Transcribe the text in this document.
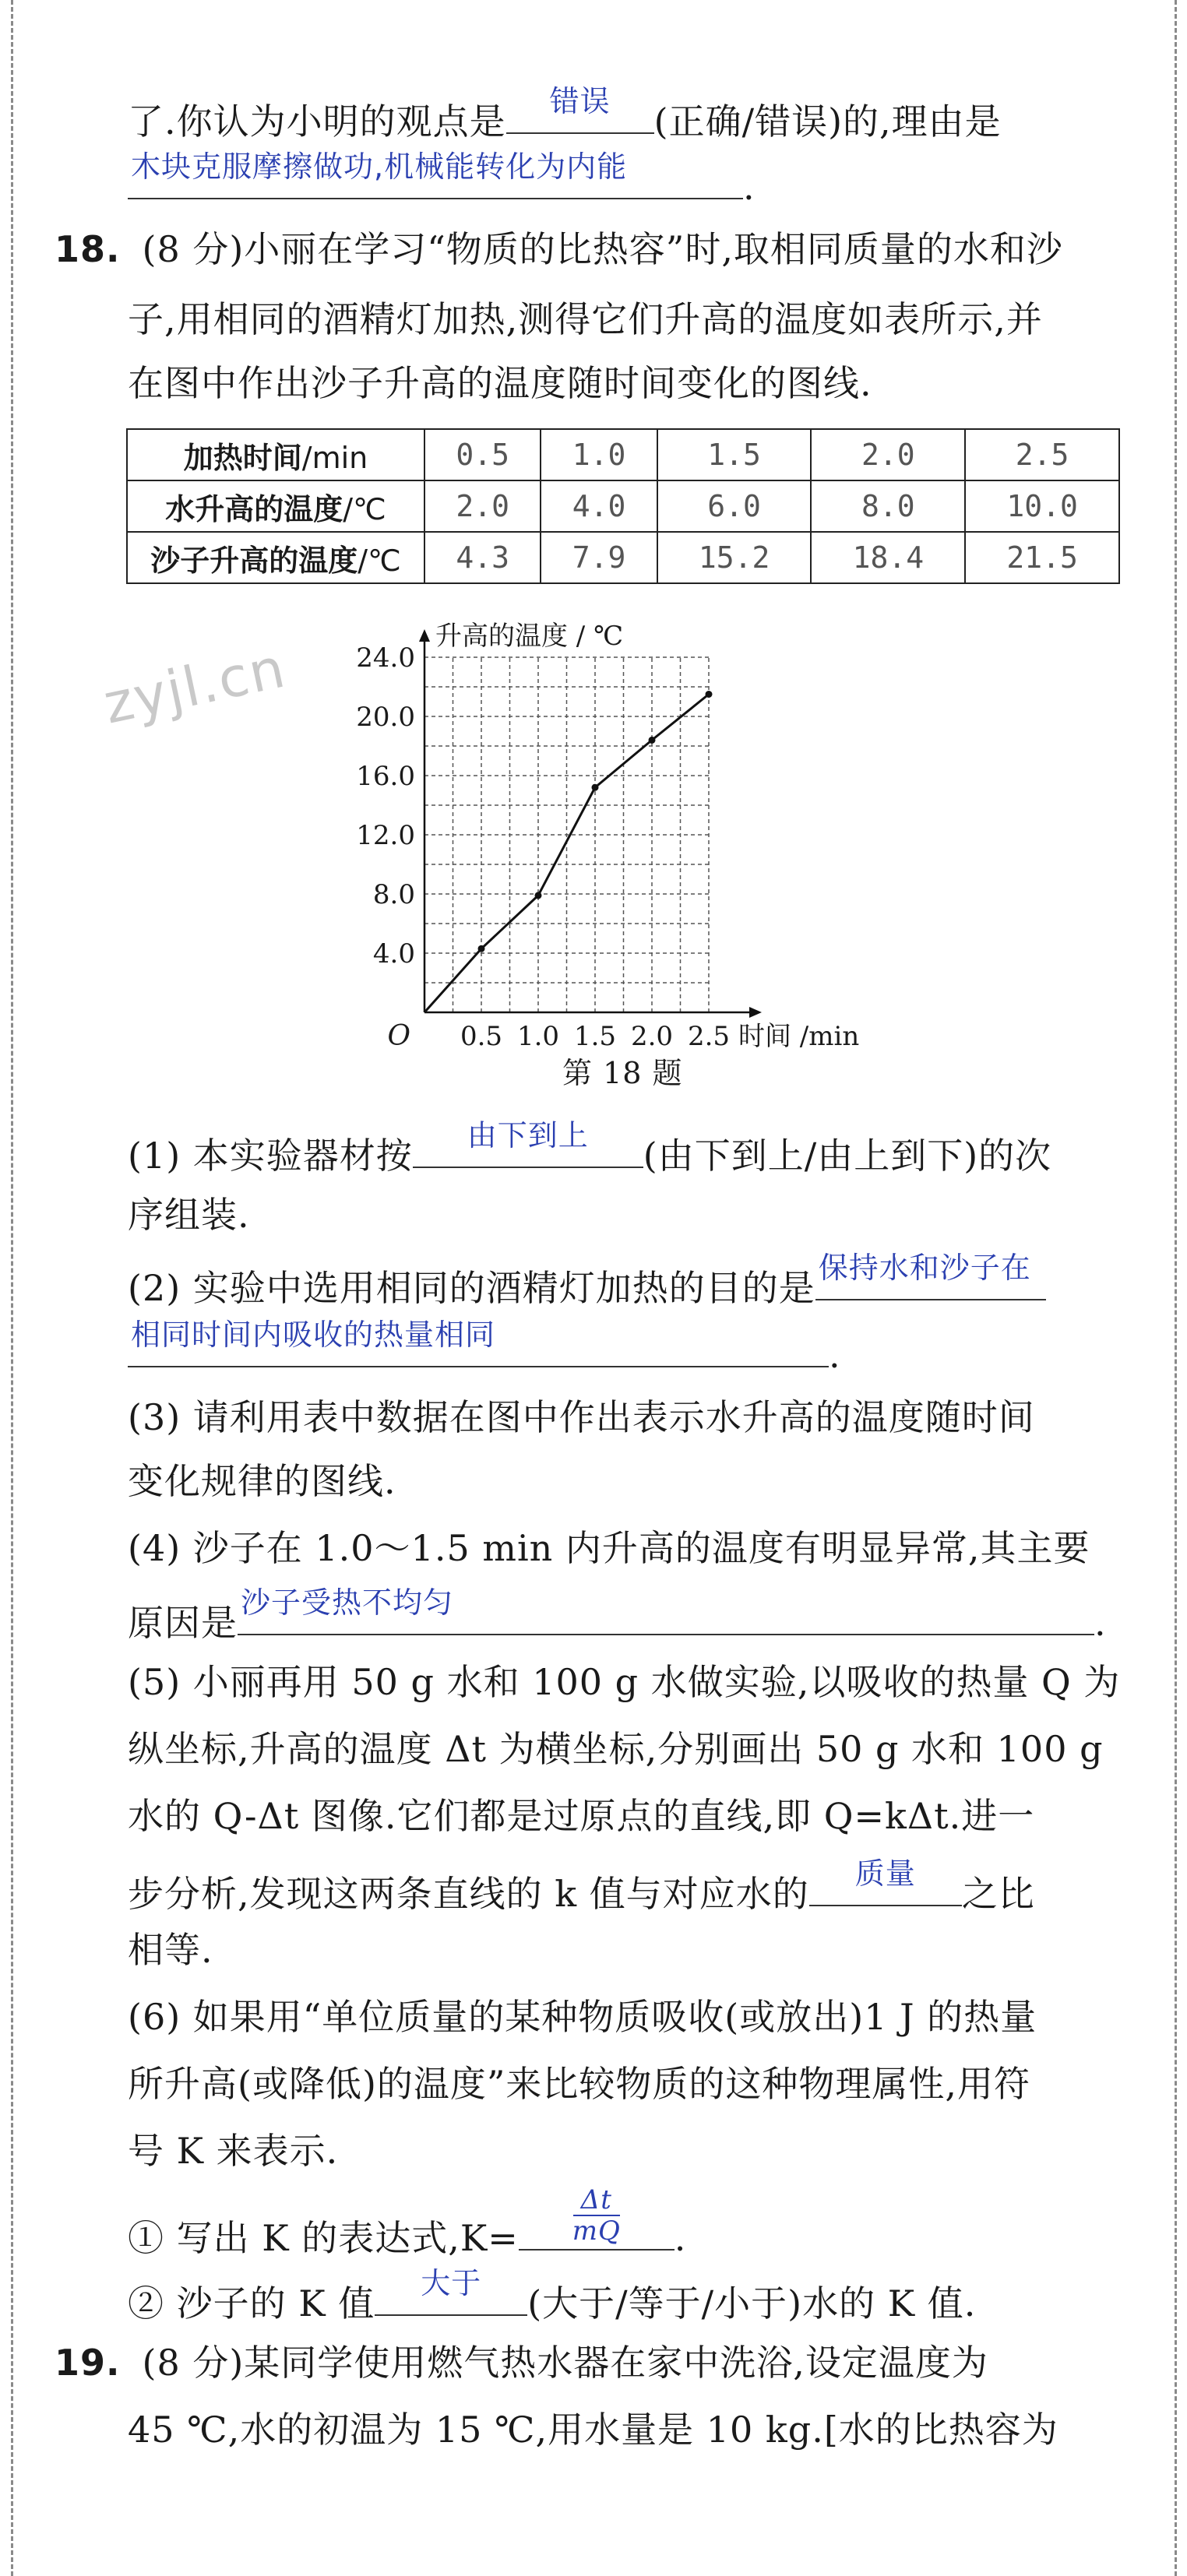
zyjl.cn
了.你认为小明的观点是	错误	(正确/错误)的,理由是
木块克服摩擦做功,机械能转化为内能	.
18. (8 分)小丽在学习“物质的比热容”时,取相同质量的水和沙
子,用相同的酒精灯加热,测得它们升高的温度如表所示,并
在图中作出沙子升高的温度随时间变化的图线.
加热时间/min	0.5	1.0	1.5	2.0	2.5
水升高的温度/℃	2.0	4.0	6.0	8.0	10.0
沙子升高的温度/℃	4.3	7.9	15.2	18.4	21.5
4.0
8.0
12.0
16.0
20.0
24.0
0.5 1.0 1.5 2.0 2.5
O
升高的温度 / ℃
时间 /min
第 18 题
(1) 本实验器材按	由下到上	(由下到上/由上到下)的次
序组装.
(2) 实验中选用相同的酒精灯加热的目的是 保持水和沙子在
相同时间内吸收的热量相同	.
(3) 请利用表中数据在图中作出表示水升高的温度随时间
变化规律的图线.
(4) 沙子在 1.0～1.5 min 内升高的温度有明显异常,其主要
原因是 沙子受热不均匀	.
(5) 小丽再用 50 g 水和 100 g 水做实验,以吸收的热量 Q 为
纵坐标,升高的温度 Δt 为横坐标,分别画出 50 g 水和 100 g
水的 Q-Δt 图像.它们都是过原点的直线,即 Q=kΔt.进一
步分析,发现这两条直线的 k 值与对应水的	质量	之比
相等.
(6) 如果用“单位质量的某种物质吸收(或放出)1 J 的热量
所升高(或降低)的温度”来比较物质的这种物理属性,用符
号 K 来表示.
① 写出 K 的表达式,K=
Δt
mQ .
② 沙子的 K 值	大于	(大于/等于/小于)水的 K 值.
19. (8 分)某同学使用燃气热水器在家中洗浴,设定温度为
45 ℃,水的初温为 15 ℃,用水量是 10 kg.[水的比热容为
